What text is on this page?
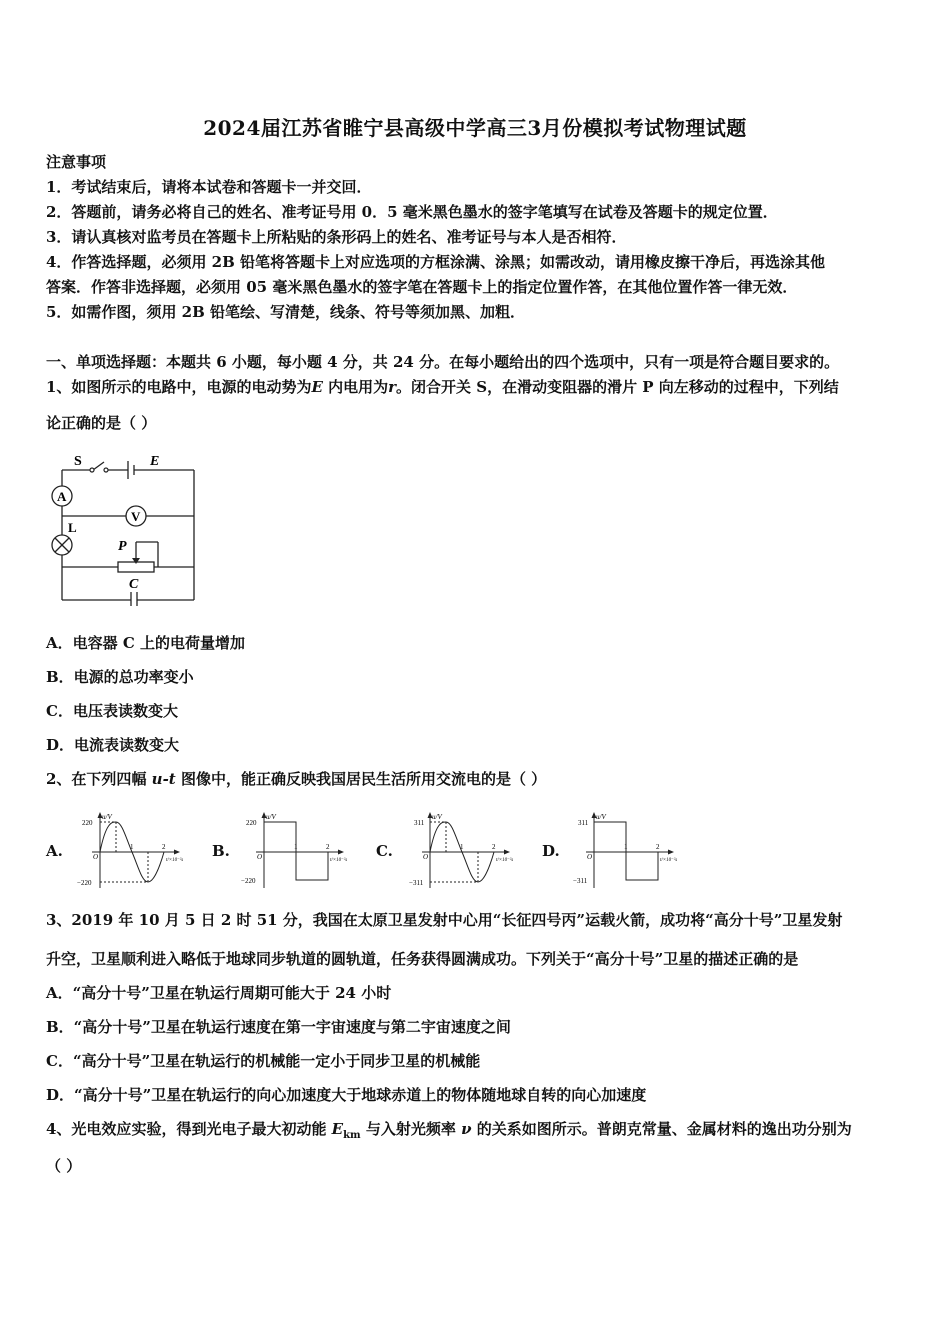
2024届江苏省睢宁县高级中学高三3月份模拟考试物理试题
注意事项
1．考试结束后，请将本试卷和答题卡一并交回．
2．答题前，请务必将自己的姓名、准考证号用 0．5 毫米黑色墨水的签字笔填写在试卷及答题卡的规定位置．
3．请认真核对监考员在答题卡上所粘贴的条形码上的姓名、准考证号与本人是否相符．
4．作答选择题，必须用 2B 铅笔将答题卡上对应选项的方框涂满、涂黑；如需改动，请用橡皮擦干净后，再选涂其他
答案．作答非选择题，必须用 05 毫米黑色墨水的签字笔在答题卡上的指定位置作答，在其他位置作答一律无效．
5．如需作图，须用 2B 铅笔绘、写清楚，线条、符号等须加黑、加粗．
一、单项选择题：本题共 6 小题，每小题 4 分，共 24 分。在每小题给出的四个选项中，只有一项是符合题目要求的。
1、如图所示的电路中，电源的电动势为E 内电用为r。闭合开关 S，在滑动变阻器的滑片 P 向左移动的过程中，下列结
论正确的是（ ）
S	E
A
V
L
P
C
A．电容器 C 上的电荷量增加
B．电源的总功率变小
C．电压表读数变大
D．电流表读数变大
2、在下列四幅 u-t 图像中，能正确反映我国居民生活所用交流电的是（ ）
A.	B.	C.	D.
u/V
220
−220
O
1	2
t/×10⁻²s
u/V
220
−220
O
1	2
t/×10⁻²s
u/V
311
−311
O
1	2
t/×10⁻²s
u/V
311
−311
O
1	2
t/×10⁻²s
3、2019 年 10 月 5 日 2 时 51 分，我国在太原卫星发射中心用“长征四号丙”运载火箭，成功将“高分十号”卫星发射
升空，卫星顺利进入略低于地球同步轨道的圆轨道，任务获得圆满成功。下列关于“高分十号”卫星的描述正确的是
A．“高分十号”卫星在轨运行周期可能大于 24 小时
B．“高分十号”卫星在轨运行速度在第一宇宙速度与第二宇宙速度之间
C．“高分十号”卫星在轨运行的机械能一定小于同步卫星的机械能
D．“高分十号”卫星在轨运行的向心加速度大于地球赤道上的物体随地球自转的向心加速度
4、光电效应实验，得到光电子最大初动能 $E_{km}$ 与入射光频率 ν 的关系如图所示。普朗克常量、金属材料的逸出功分别为
（ ）
